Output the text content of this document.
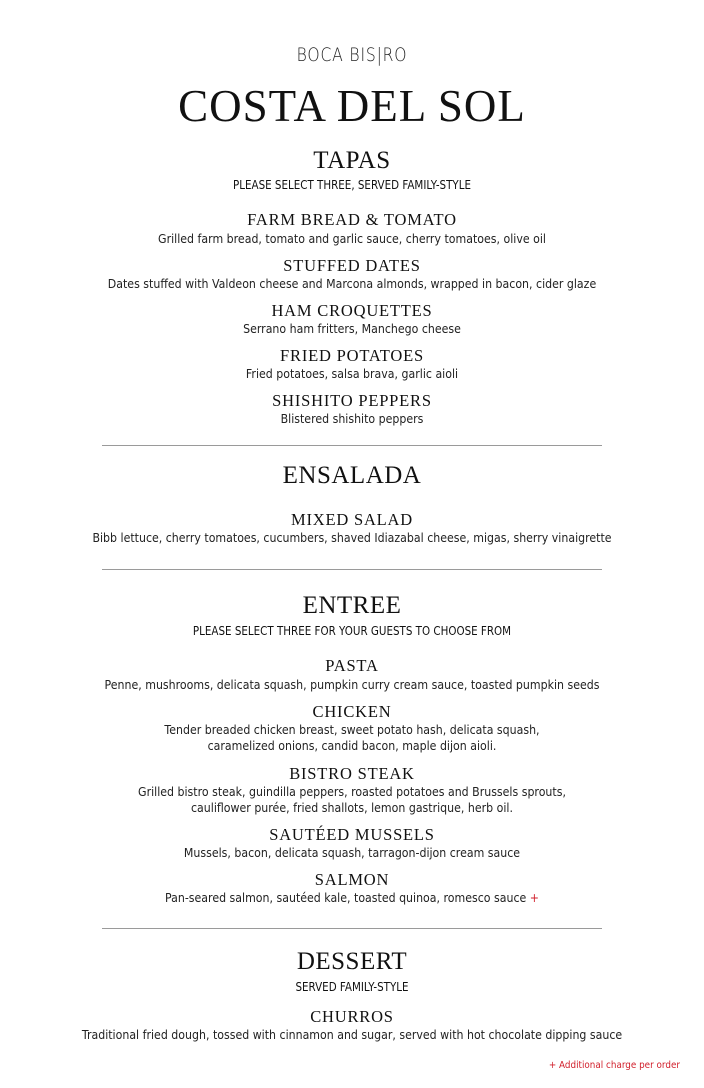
BOCA BIS|RO
COSTA DEL SOL
TAPAS
PLEASE SELECT THREE, SERVED FAMILY-STYLE
FARM BREAD & TOMATO
Grilled farm bread, tomato and garlic sauce, cherry tomatoes, olive oil
STUFFED DATES
Dates stuffed with Valdeon cheese and Marcona almonds, wrapped in bacon, cider glaze
HAM CROQUETTES
Serrano ham fritters, Manchego cheese
FRIED POTATOES
Fried potatoes, salsa brava, garlic aioli
SHISHITO PEPPERS
Blistered shishito peppers
ENSALADA
MIXED SALAD
Bibb lettuce, cherry tomatoes, cucumbers, shaved Idiazabal cheese, migas, sherry vinaigrette
ENTREE
PLEASE SELECT THREE FOR YOUR GUESTS TO CHOOSE FROM
PASTA
Penne, mushrooms, delicata squash, pumpkin curry cream sauce, toasted pumpkin seeds
CHICKEN
Tender breaded chicken breast, sweet potato hash, delicata squash,
caramelized onions, candid bacon, maple dijon aioli.
BISTRO STEAK
Grilled bistro steak, guindilla peppers, roasted potatoes and Brussels sprouts,
cauliflower purée, fried shallots, lemon gastrique, herb oil.
SAUTÉED MUSSELS
Mussels, bacon, delicata squash, tarragon-dijon cream sauce
SALMON
Pan-seared salmon, sautéed kale, toasted quinoa, romesco sauce +
DESSERT
SERVED FAMILY-STYLE
CHURROS
Traditional fried dough, tossed with cinnamon and sugar, served with hot chocolate dipping sauce
+ Additional charge per order
